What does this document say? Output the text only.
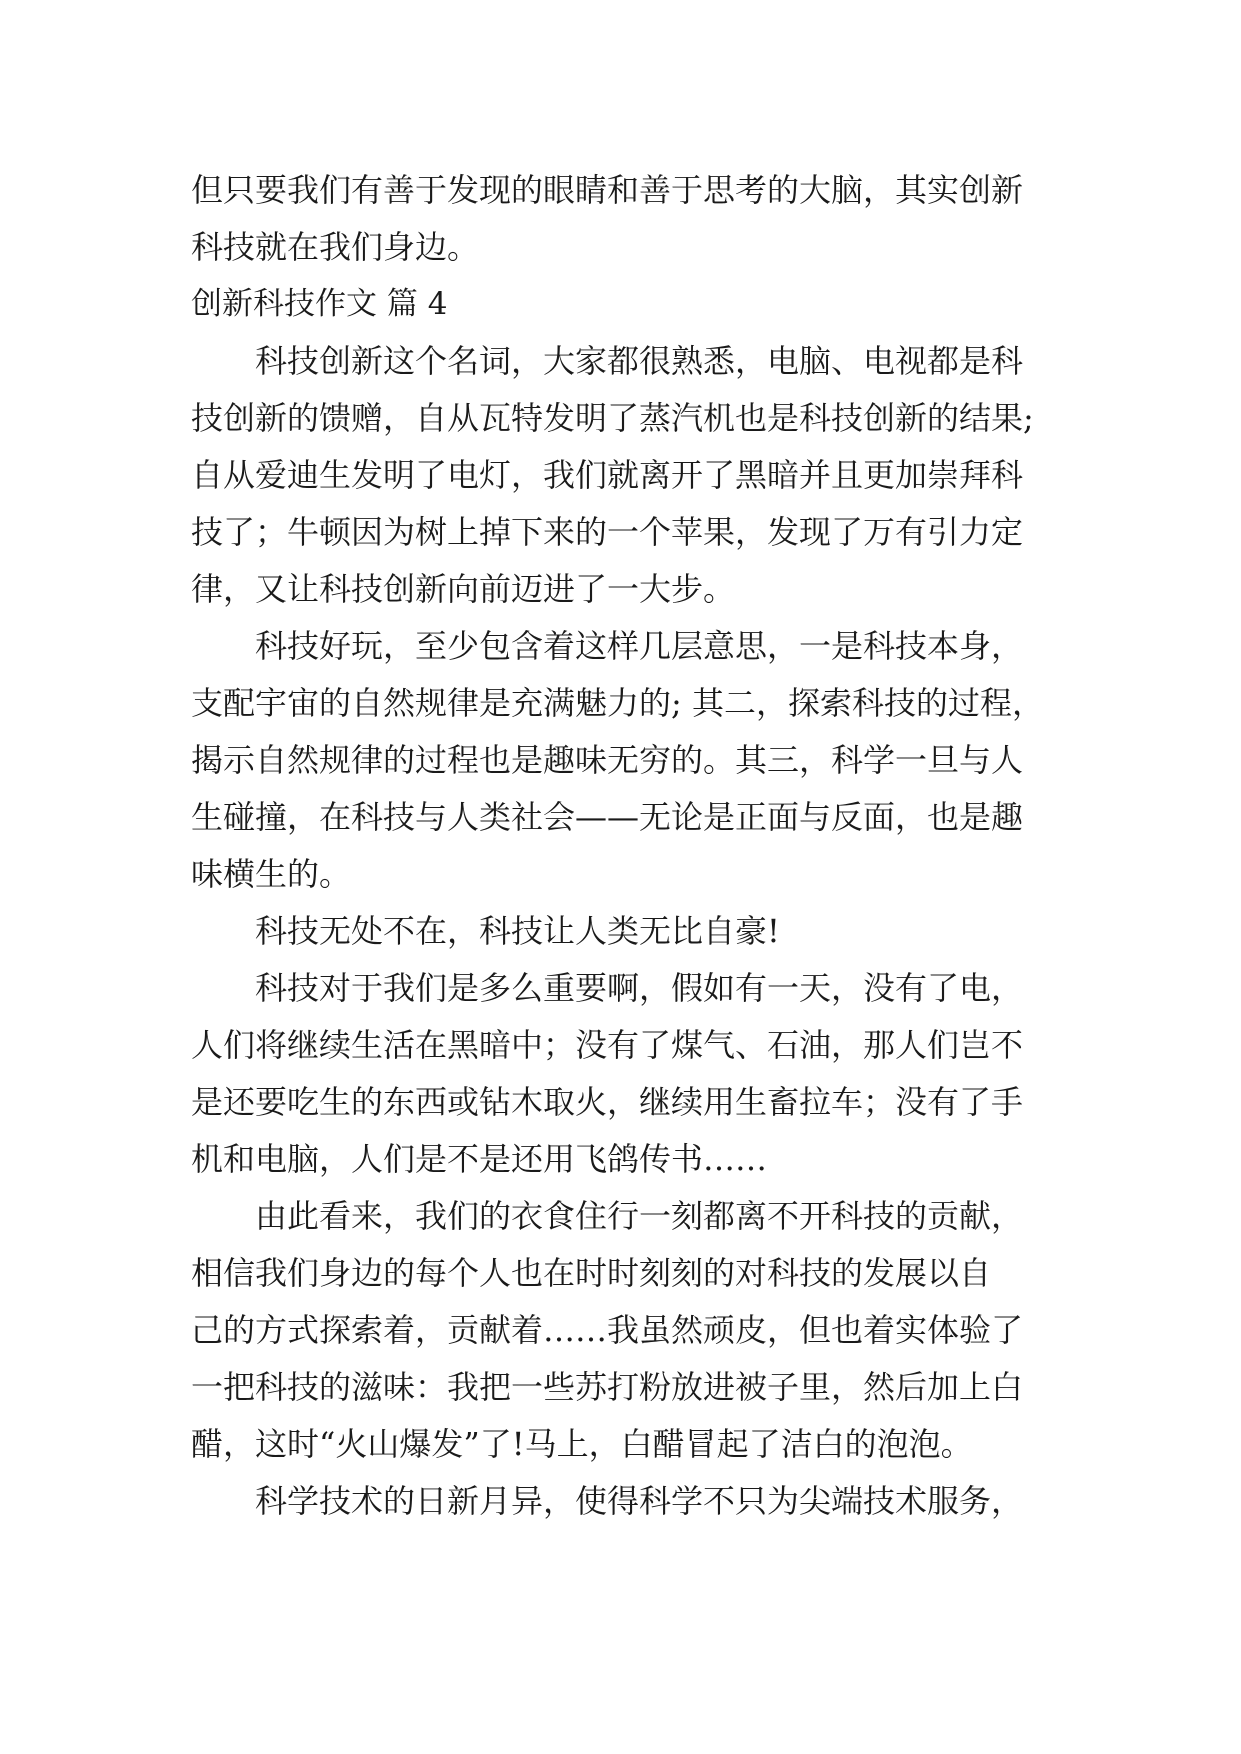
但只要我们有善于发现的眼睛和善于思考的大脑，其实创新
科技就在我们身边。
创新科技作文 篇 4
科技创新这个名词，大家都很熟悉，电脑、电视都是科
技创新的馈赠，自从瓦特发明了蒸汽机也是科技创新的结果;
自从爱迪生发明了电灯，我们就离开了黑暗并且更加崇拜科
技了；牛顿因为树上掉下来的一个苹果，发现了万有引力定
律，又让科技创新向前迈进了一大步。
科技好玩，至少包含着这样几层意思，一是科技本身，
支配宇宙的自然规律是充满魅力的; 其二，探索科技的过程，
揭示自然规律的过程也是趣味无穷的。其三，科学一旦与人
生碰撞，在科技与人类社会——无论是正面与反面，也是趣
味横生的。
科技无处不在，科技让人类无比自豪!
科技对于我们是多么重要啊，假如有一天，没有了电，
人们将继续生活在黑暗中；没有了煤气、石油，那人们岂不
是还要吃生的东西或钻木取火，继续用生畜拉车；没有了手
机和电脑，人们是不是还用飞鸽传书……
由此看来，我们的衣食住行一刻都离不开科技的贡献，
相信我们身边的每个人也在时时刻刻的对科技的发展以自
己的方式探索着，贡献着……我虽然顽皮，但也着实体验了
一把科技的滋味：我把一些苏打粉放进被子里，然后加上白
醋，这时“火山爆发”了!马上，白醋冒起了洁白的泡泡。
科学技术的日新月异，使得科学不只为尖端技术服务，
